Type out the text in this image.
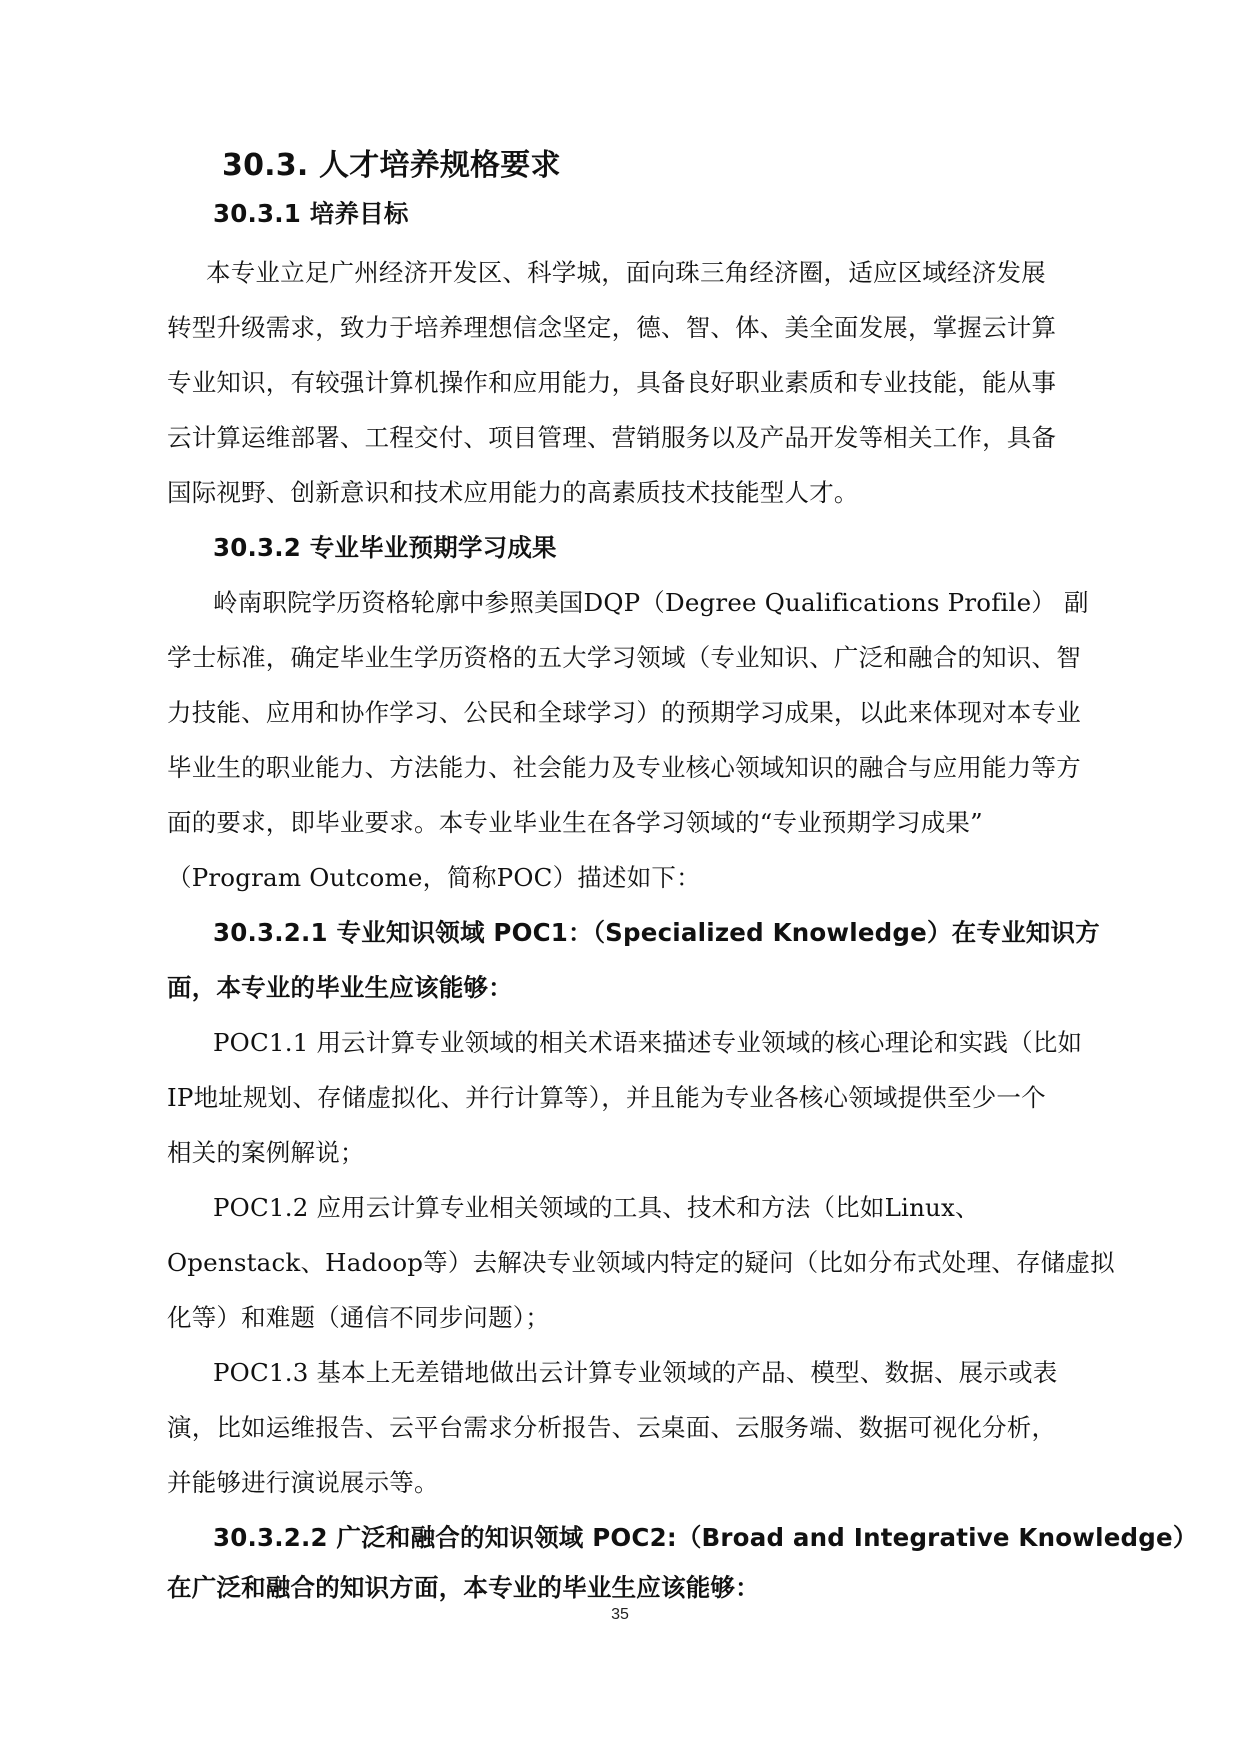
30.3. 人才培养规格要求
30.3.1 培养目标
本专业立足广州经济开发区、科学城，面向珠三角经济圈，适应区域经济发展
转型升级需求，致力于培养理想信念坚定，德、智、体、美全面发展，掌握云计算
专业知识，有较强计算机操作和应用能力，具备良好职业素质和专业技能，能从事
云计算运维部署、工程交付、项目管理、营销服务以及产品开发等相关工作，具备
国际视野、创新意识和技术应用能力的高素质技术技能型人才。
30.3.2 专业毕业预期学习成果
岭南职院学历资格轮廓中参照美国DQP（Degree Qualifications Profile） 副
学士标准，确定毕业生学历资格的五大学习领域（专业知识、广泛和融合的知识、智
力技能、应用和协作学习、公民和全球学习）的预期学习成果，以此来体现对本专业
毕业生的职业能力、方法能力、社会能力及专业核心领域知识的融合与应用能力等方
面的要求，即毕业要求。本专业毕业生在各学习领域的“专业预期学习成果”
（Program Outcome，简称POC）描述如下：
30.3.2.1 专业知识领域 POC1：（Specialized Knowledge）在专业知识方
面，本专业的毕业生应该能够：
POC1.1 用云计算专业领域的相关术语来描述专业领域的核心理论和实践（比如
IP地址规划、存储虚拟化、并行计算等），并且能为专业各核心领域提供至少一个
相关的案例解说；
POC1.2 应用云计算专业相关领域的工具、技术和方法（比如Linux、
Openstack、Hadoop等）去解决专业领域内特定的疑问（比如分布式处理、存储虚拟
化等）和难题（通信不同步问题）；
POC1.3 基本上无差错地做出云计算专业领域的产品、模型、数据、展示或表
演，比如运维报告、云平台需求分析报告、云桌面、云服务端、数据可视化分析，
并能够进行演说展示等。
30.3.2.2 广泛和融合的知识领域 POC2:（Broad and Integrative Knowledge）
在广泛和融合的知识方面，本专业的毕业生应该能够：
35
